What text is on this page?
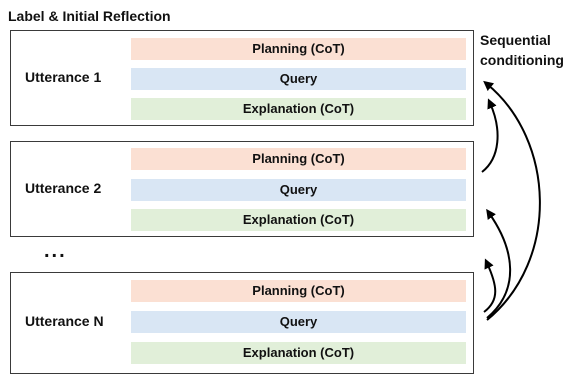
Label & Initial Reflection
Utterance 1
Planning (CoT)
Query
Explanation (CoT)
Utterance 2
Planning (CoT)
Query
Explanation (CoT)
...
Utterance N
Planning (CoT)
Query
Explanation (CoT)
Sequential
conditioning
